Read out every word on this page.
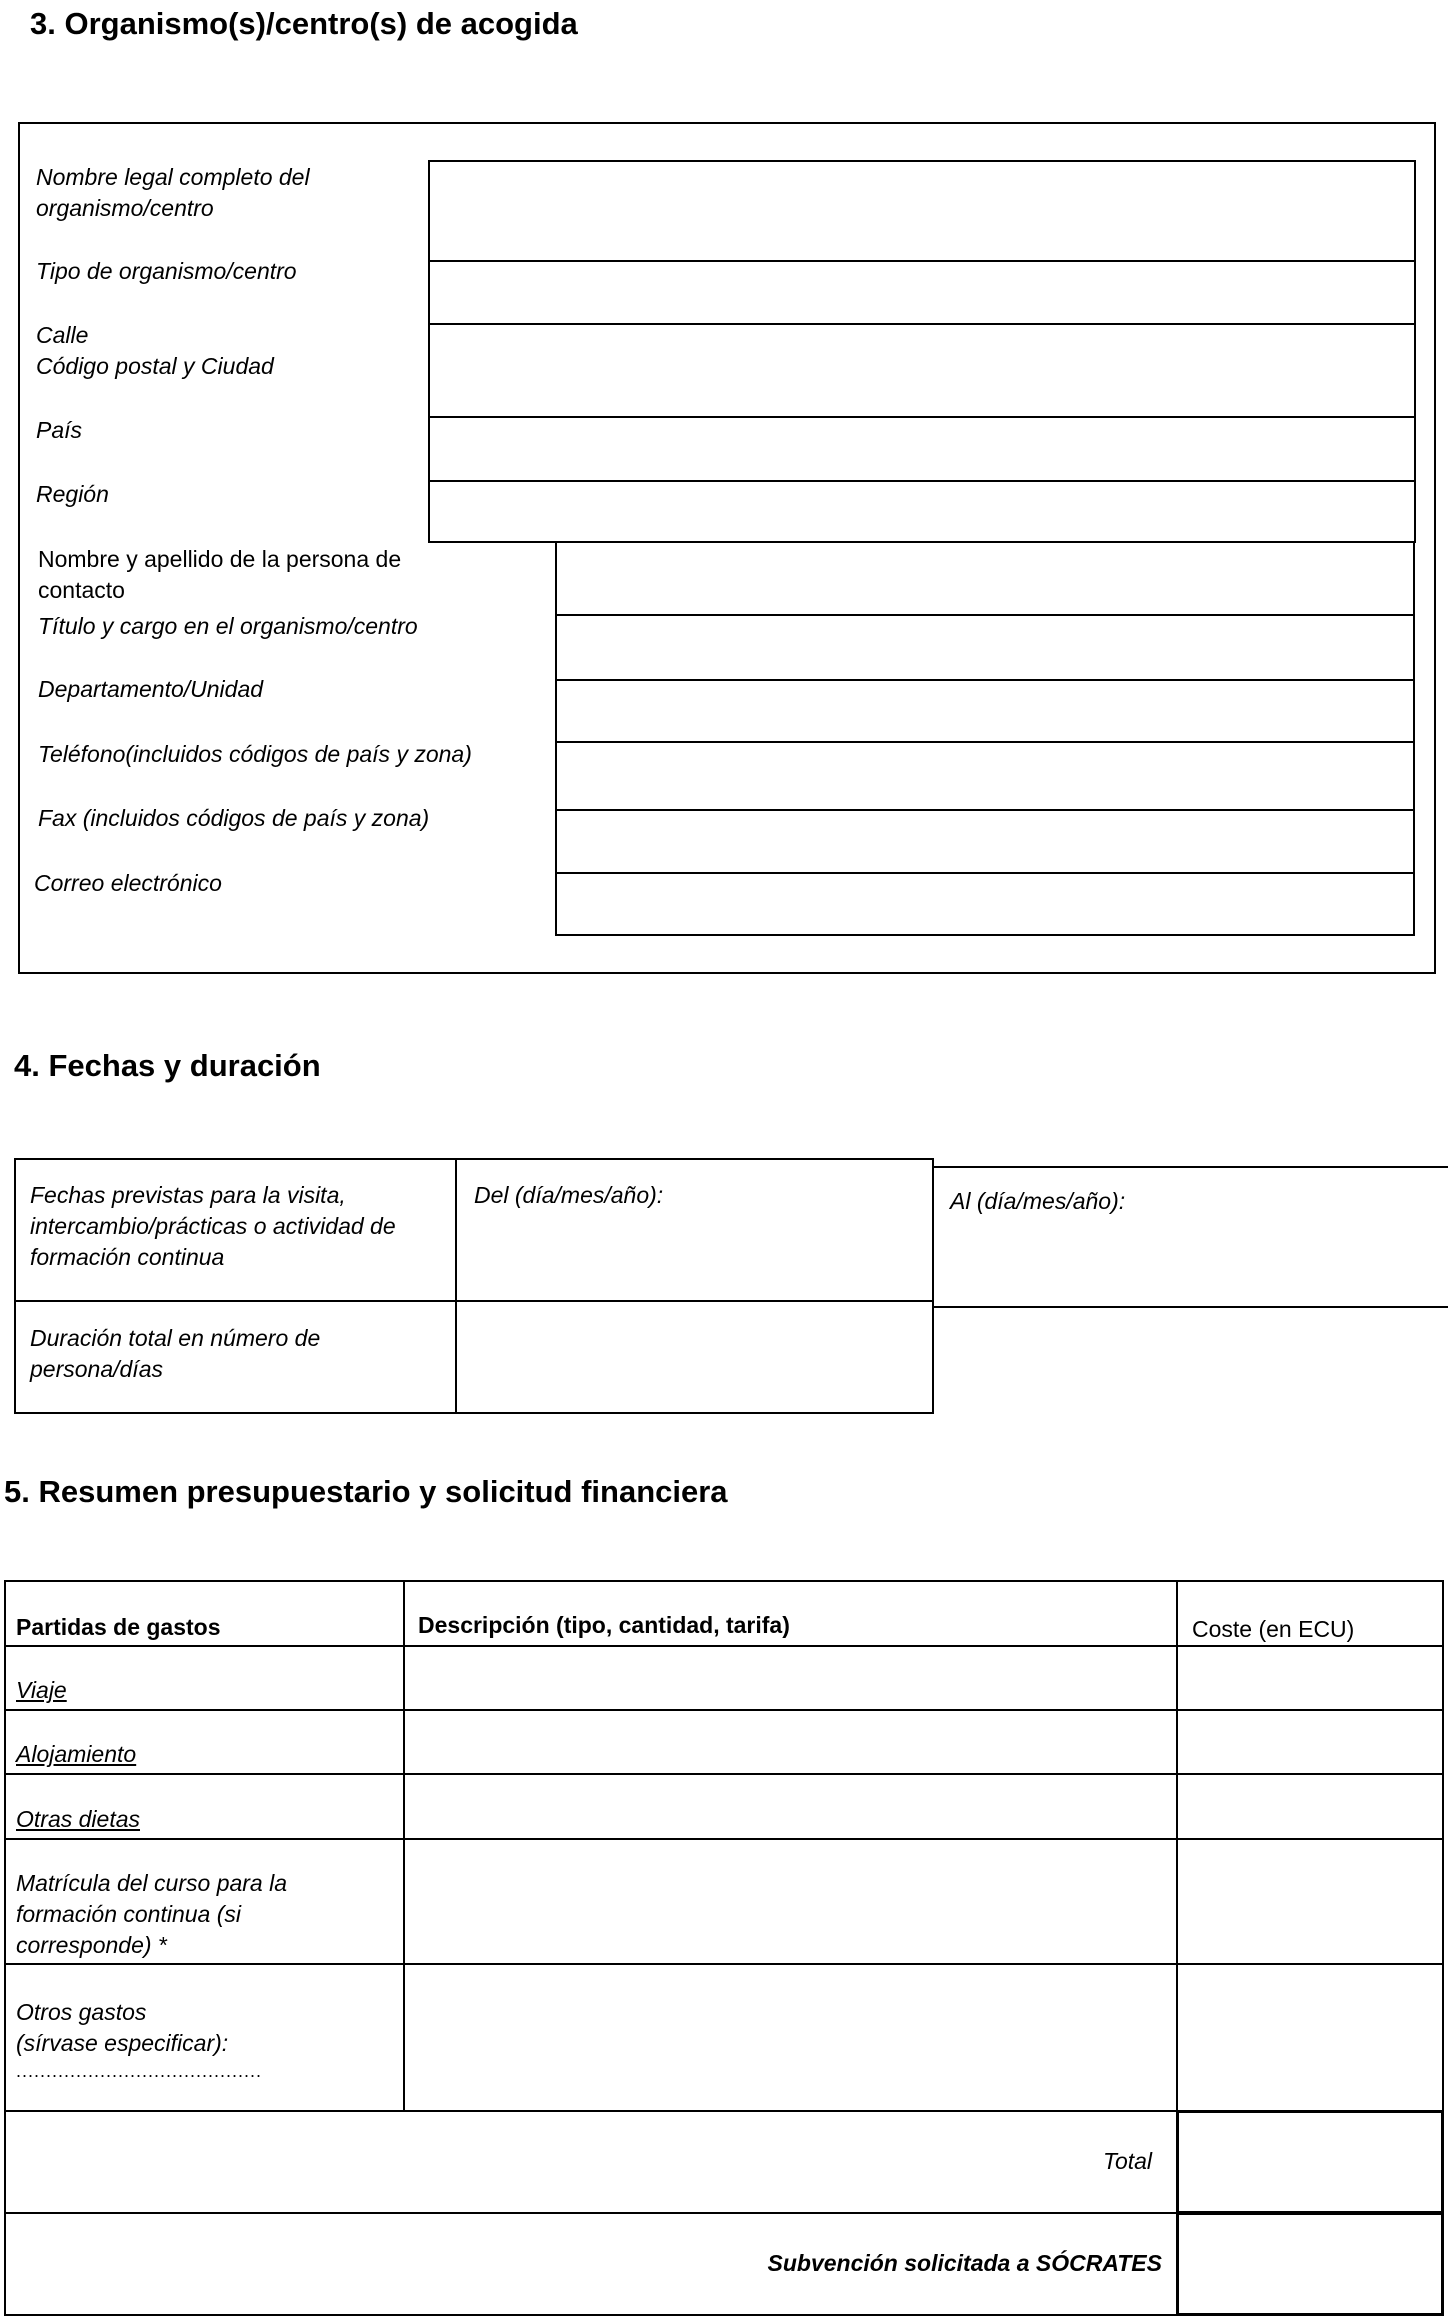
3. Organismo(s)/centro(s) de acogida
Nombre legal completo del
organismo/centro
Tipo de organismo/centro
Calle
Código postal y Ciudad
País
Región
Nombre y apellido de la persona de
contacto
Título y cargo en el organismo/centro
Departamento/Unidad
Teléfono(incluidos códigos de país y zona)
Fax (incluidos códigos de país y zona)
Correo electrónico
4. Fechas y duración
Fechas previstas para la visita,
intercambio/prácticas o actividad de
formación continua
Del (día/mes/año):	Al (día/mes/año):
Duración total en número de
persona/días
5. Resumen presupuestario y solicitud financiera
Partidas de gastos	Descripción (tipo, cantidad, tarifa)	Coste (en ECU)
Viaje
Alojamiento
Otras dietas
Matrícula del curso para la
formación continua (si
corresponde) *
Otros gastos
(sírvase especificar):
.........................................
Total
Subvención solicitada a SÓCRATES
